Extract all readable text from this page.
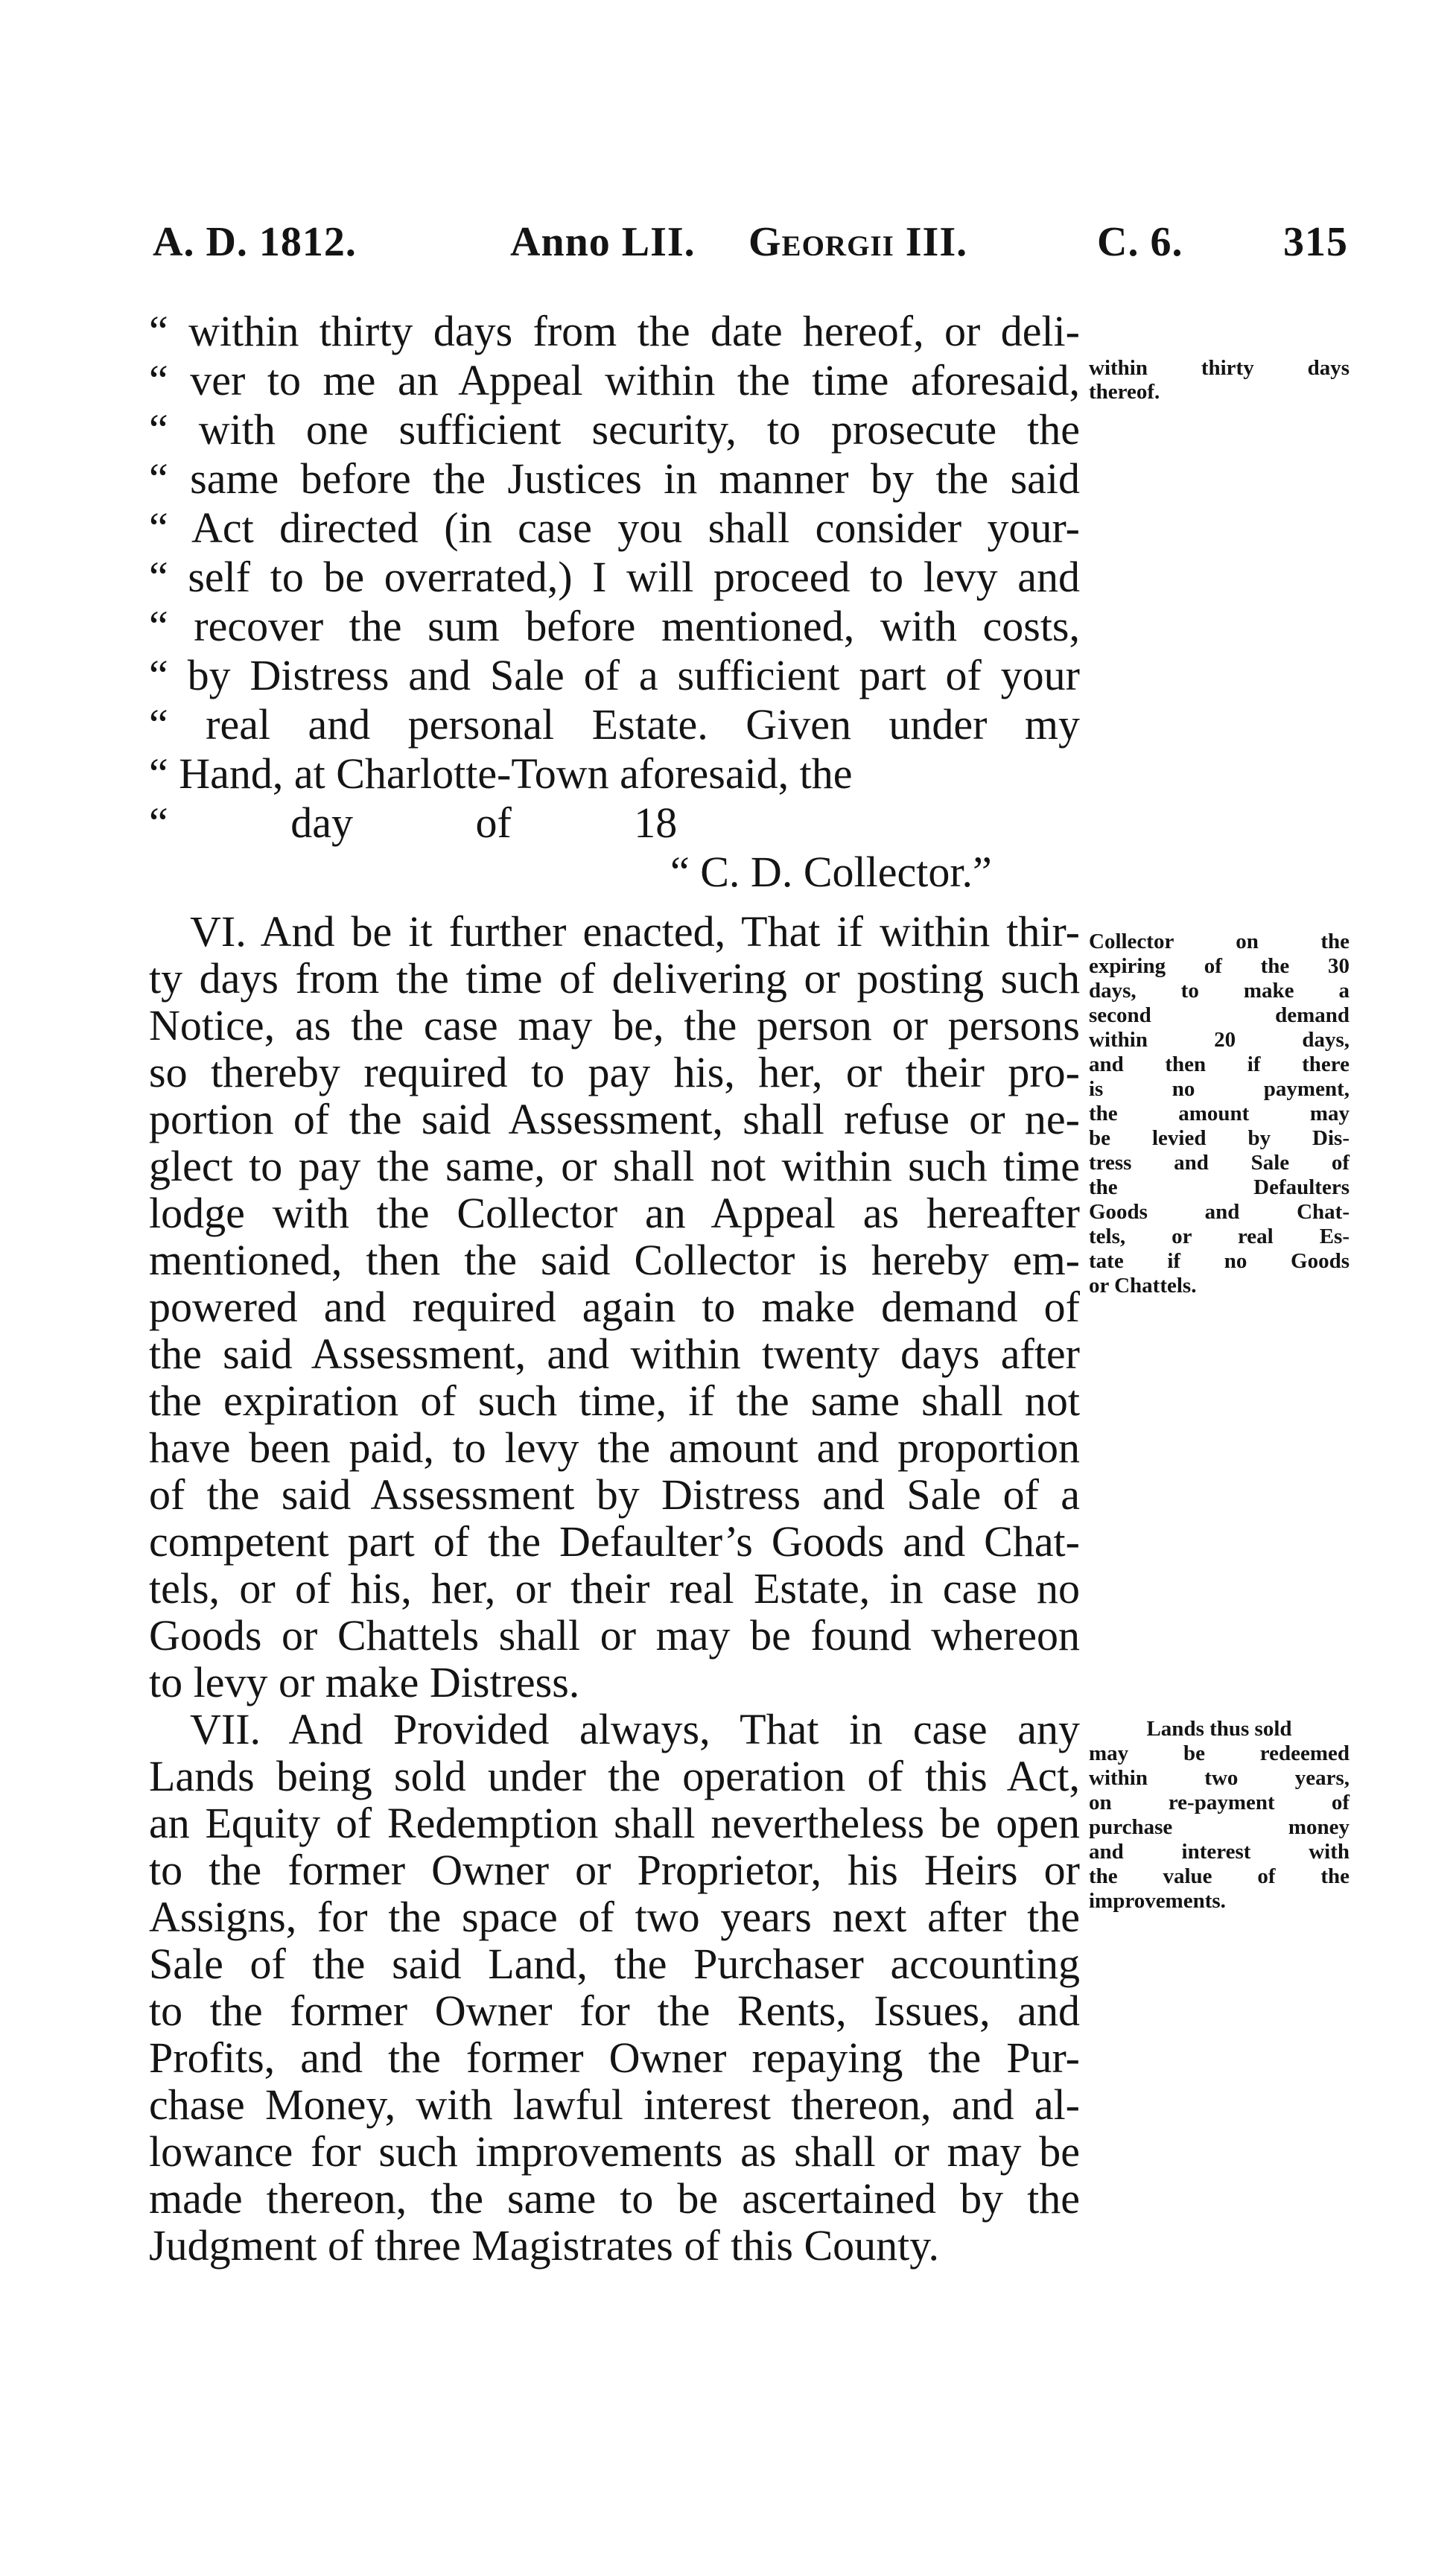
A. D. 1812.	Anno LII. Georgii III.	C. 6. 315
“ within thirty days from the date hereof, or deli-
“ ver to me an Appeal within the time aforesaid,
“ with one sufficient security, to prosecute the
“ same before the Justices in manner by the said
“ Act directed (in case you shall consider your-
“ self to be overrated,) I will proceed to levy and
“ recover the sum before mentioned, with costs,
“ by Distress and Sale of a sufficient part of your
“ real and personal Estate. Given under my
“ Hand, at Charlotte-Town aforesaid, the
“ day of 18
“ C. D. Collector.”
VI. And be it further enacted, That if within thir-
ty days from the time of delivering or posting such
Notice, as the case may be, the person or persons
so thereby required to pay his, her, or their pro-
portion of the said Assessment, shall refuse or ne-
glect to pay the same, or shall not within such time
lodge with the Collector an Appeal as hereafter
mentioned, then the said Collector is hereby em-
powered and required again to make demand of
the said Assessment, and within twenty days after
the expiration of such time, if the same shall not
have been paid, to levy the amount and proportion
of the said Assessment by Distress and Sale of a
competent part of the Defaulter’s Goods and Chat-
tels, or of his, her, or their real Estate, in case no
Goods or Chattels shall or may be found whereon
to levy or make Distress.
VII. And Provided always, That in case any
Lands being sold under the operation of this Act,
an Equity of Redemption shall nevertheless be open
to the former Owner or Proprietor, his Heirs or
Assigns, for the space of two years next after the
Sale of the said Land, the Purchaser accounting
to the former Owner for the Rents, Issues, and
Profits, and the former Owner repaying the Pur-
chase Money, with lawful interest thereon, and al-
lowance for such improvements as shall or may be
made thereon, the same to be ascertained by the
Judgment of three Magistrates of this County.
within thirty days
thereof.
Collector on the
expiring of the 30
days, to make a
second demand
within 20 days,
and then if there
is no payment,
the amount may
be levied by Dis-
tress and Sale of
the Defaulters
Goods and Chat-
tels, or real Es-
tate if no Goods
or Chattels.
Lands thus sold
may be redeemed
within two years,
on re-payment of
purchase money
and interest with
the value of the
improvements.
